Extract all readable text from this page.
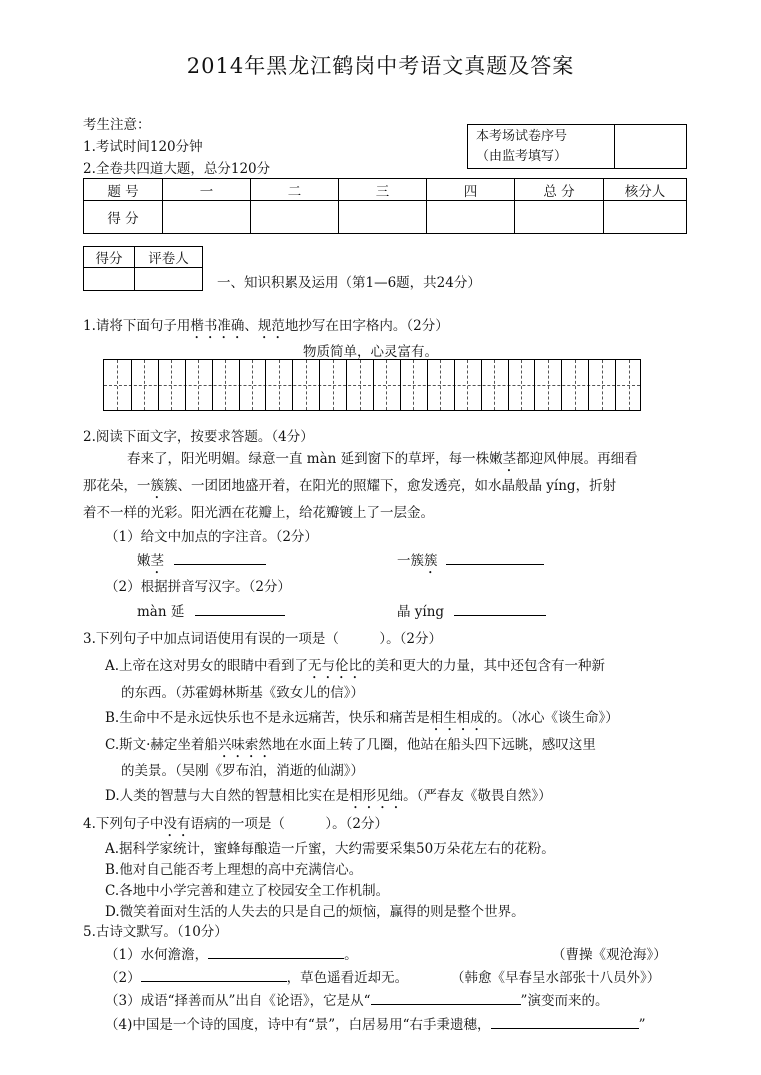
2014年黑龙江鹤岗中考语文真题及答案
考生注意：
1.考试时间120分钟
2.全卷共四道大题，总分120分
本考场试卷序号
（由监考填写）

题 号	一	二	三	四	总 分	核分人
得 分						
得分	评卷人

一、知识积累及运用（第1—6题，共24分）
1.请将下面句子用楷书准确、规范地抄写在田字格内。（2分）
物质简单，心灵富有。
2.阅读下面文字，按要求答题。（4分）
春来了，阳光明媚。绿意一直 màn 延到窗下的草坪，每一株嫩茎都迎风伸展。再细看
那花朵，一簇簇、一团团地盛开着，在阳光的照耀下，愈发透亮，如水晶般晶 yíng，折射
着不一样的光彩。阳光洒在花瓣上，给花瓣镀上了一层金。
（1）给文中加点的字注音。（2分）
嫩茎	一簇簇
（2）根据拼音写汉字。（2分）
màn 延	晶 yíng
3.下列句子中加点词语使用有误的一项是（　　　）。（2分）
A.上帝在这对男女的眼睛中看到了无与伦比的美和更大的力量，其中还包含有一种新
的东西。（苏霍姆林斯基《致女儿的信》）
B.生命中不是永远快乐也不是永远痛苦，快乐和痛苦是相生相成的。（冰心《谈生命》）
C.斯文·赫定坐着船兴味索然地在水面上转了几圈，他站在船头四下远眺，感叹这里
的美景。（吴刚《罗布泊，消逝的仙湖》）
D.人类的智慧与大自然的智慧相比实在是相形见绌。（严春友《敬畏自然》）
4.下列句子中没有语病的一项是（　　　）。（2分）
A.据科学家统计，蜜蜂每酿造一斤蜜，大约需要采集50万朵花左右的花粉。
B.他对自己能否考上理想的高中充满信心。
C.各地中小学完善和建立了校园安全工作机制。
D.微笑着面对生活的人失去的只是自己的烦恼，赢得的则是整个世界。
5.古诗文默写。（10分）
（1）水何澹澹，	。	（曹操《观沧海》）
（2）	，草色遥看近却无。	（韩愈《早春呈水部张十八员外》）
（3）成语“择善而从”出自《论语》，它是从“	”演变而来的。
（4)中国是一个诗的国度，诗中有“景”，白居易用“右手秉遗穗，	”
